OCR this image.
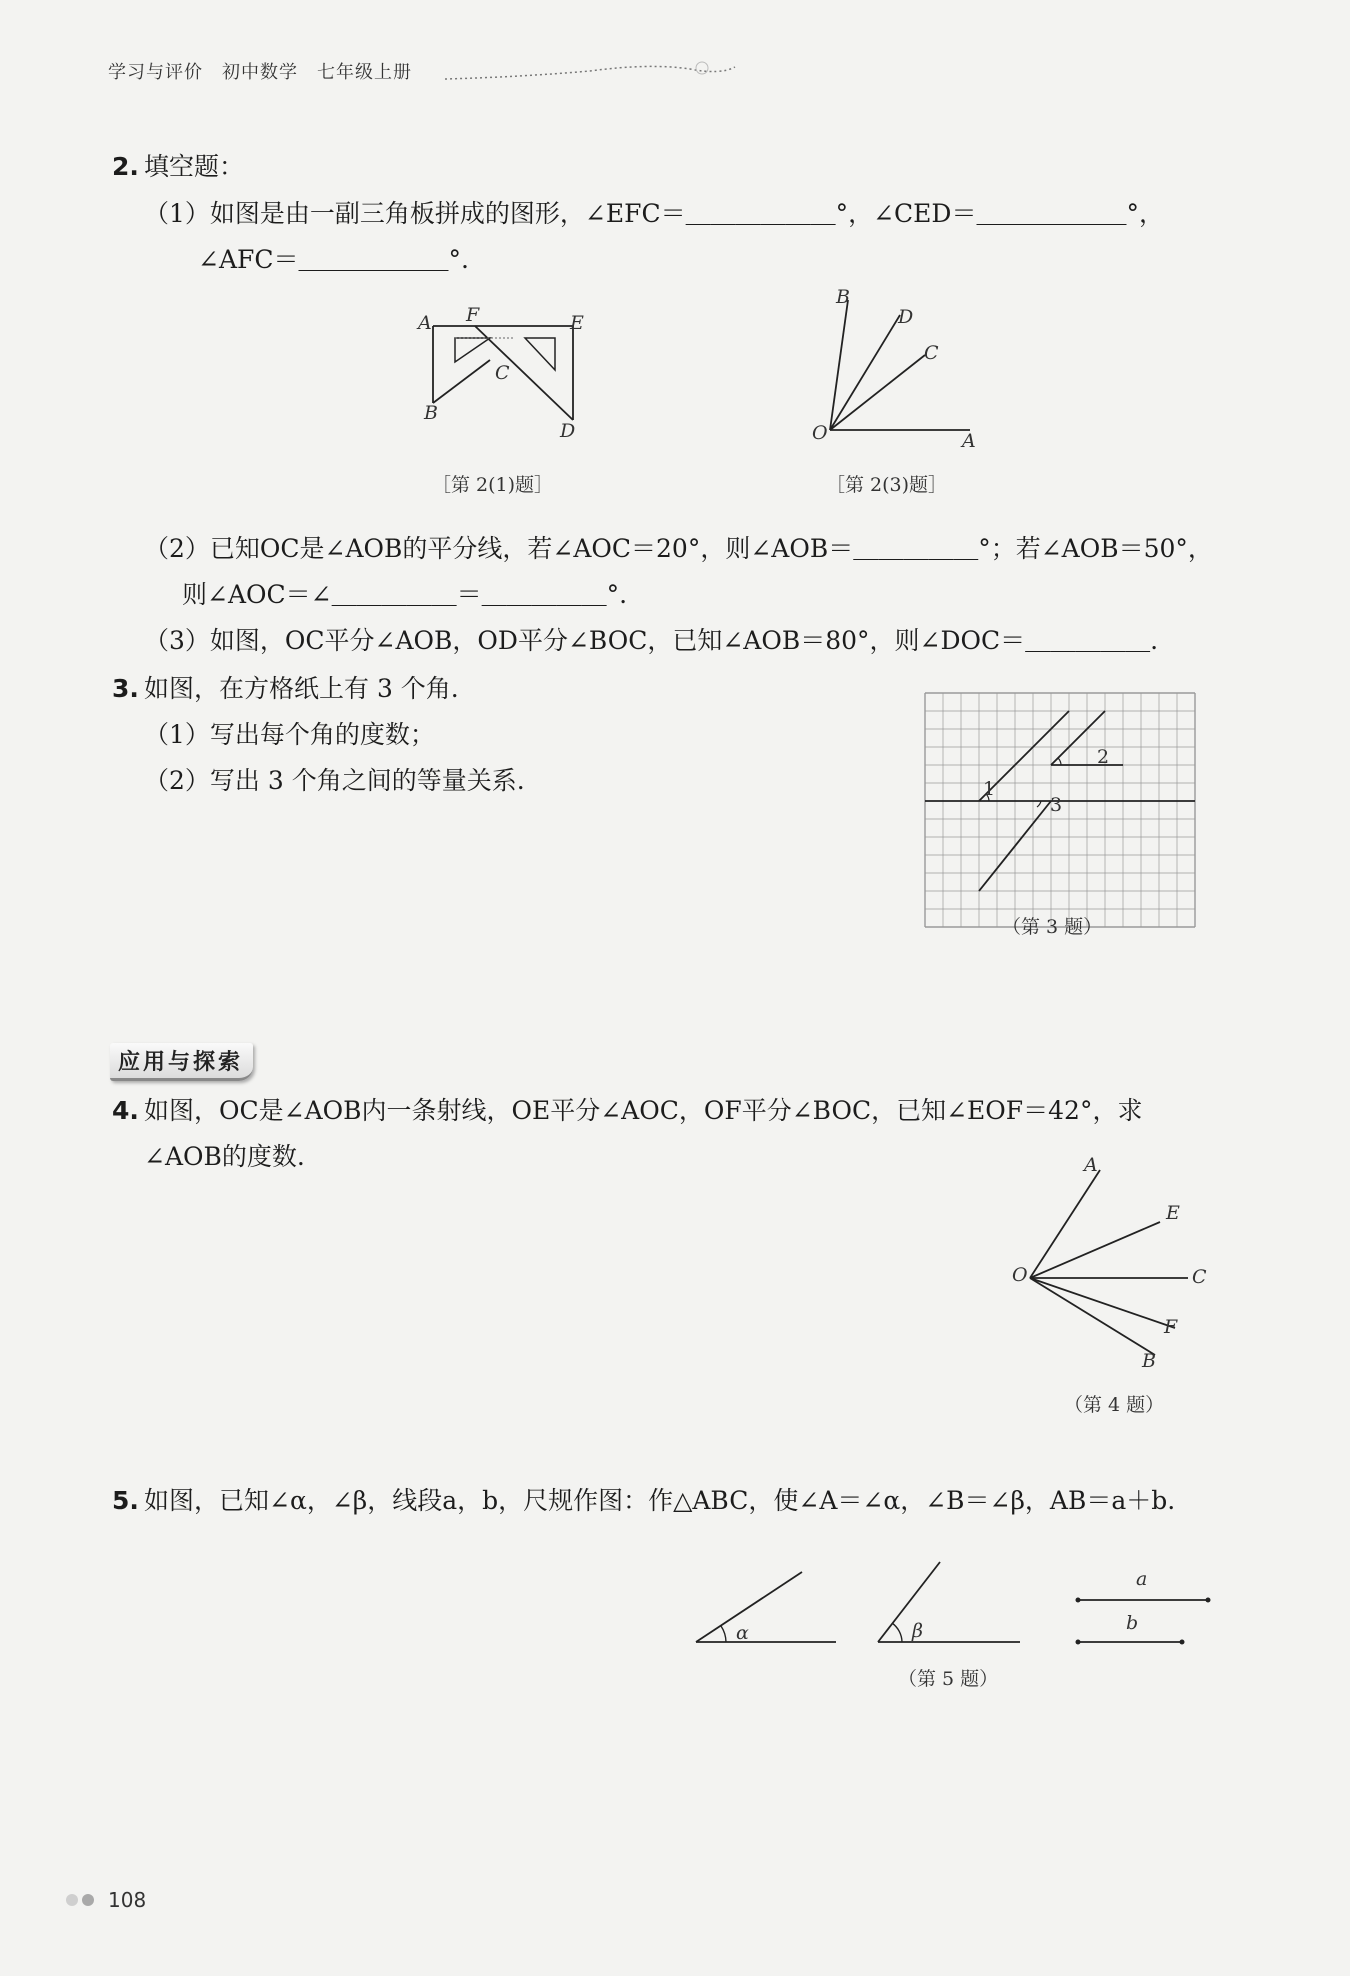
学习与评价　初中数学　七年级上册
2. 填空题：
（1）如图是由一副三角板拼成的图形，∠EFC＝＿＿＿＿＿＿°，∠CED＝＿＿＿＿＿＿°，
∠AFC＝＿＿＿＿＿＿°.
A F	E
C
B
D
［第 2(1)题］
B
D
C
O	A
［第 2(3)题］
（2）已知OC是∠AOB的平分线，若∠AOC＝20°，则∠AOB＝＿＿＿＿＿°；若∠AOB＝50°，
则∠AOC＝∠＿＿＿＿＿＝＿＿＿＿＿°.
（3）如图，OC平分∠AOB，OD平分∠BOC，已知∠AOB＝80°，则∠DOC＝＿＿＿＿＿.
3. 如图，在方格纸上有 3 个角.
（1）写出每个角的度数；
（2）写出 3 个角之间的等量关系.	1
2
3
（第 3 题）
应用与探索
4. 如图，OC是∠AOB内一条射线，OE平分∠AOC，OF平分∠BOC，已知∠EOF＝42°，求
∠AOB的度数.	A
E
O	C
F
B
（第 4 题）
5. 如图，已知∠α，∠β，线段a，b，尺规作图：作△ABC，使∠A＝∠α，∠B＝∠β，AB＝a＋b.
α	β
a
b
（第 5 题）
108
